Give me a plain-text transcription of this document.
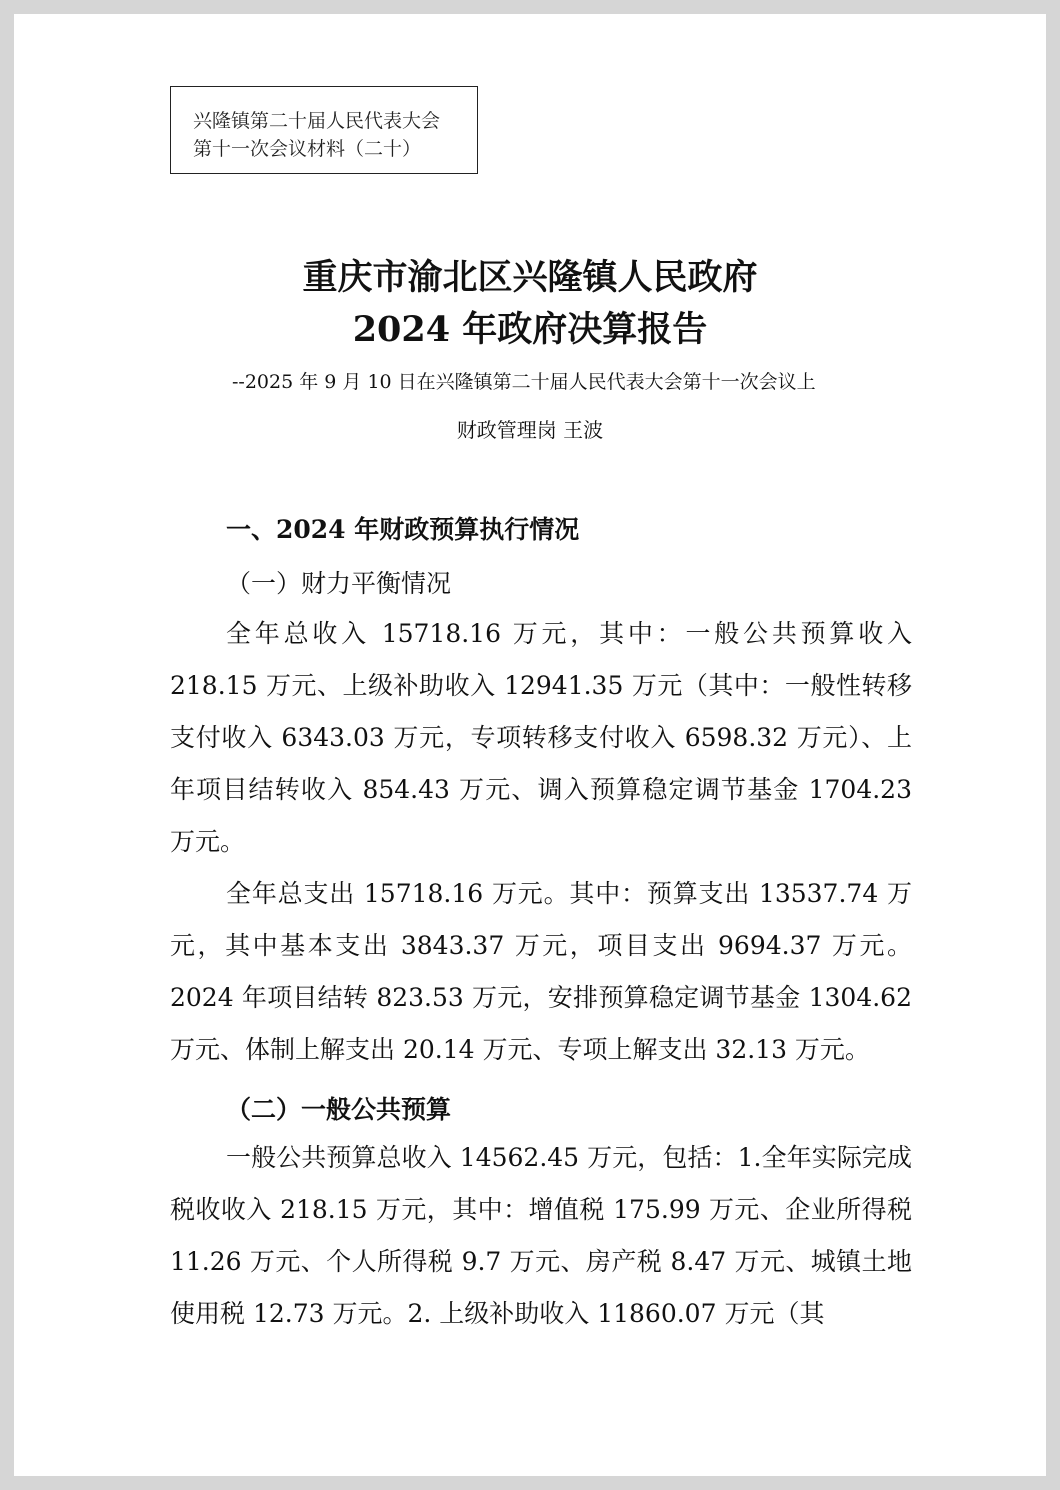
兴隆镇第二十届人民代表大会
第十一次会议材料（二十）
重庆市渝北区兴隆镇人民政府
2024 年政府决算报告
--2025 年 9 月 10 日在兴隆镇第二十届人民代表大会第十一次会议上
财政管理岗 王波
一、2024 年财政预算执行情况
（一）财力平衡情况

全年总收入 15718.16 万元，其中：一般公共预算收入 218.15 万元、上级补助收入 12941.35 万元（其中：一般性转移支付收入 6343.03 万元，专项转移支付收入 6598.32 万元）、上年项目结转收入 854.43 万元、调入预算稳定调节基金 1704.23 万元。

全年总支出 15718.16 万元。其中：预算支出 13537.74 万元，其中基本支出 3843.37 万元，项目支出 9694.37 万元。2024 年项目结转 823.53 万元，安排预算稳定调节基金 1304.62 万元、体制上解支出 20.14 万元、专项上解支出 32.13 万元。

（二）一般公共预算

一般公共预算总收入 14562.45 万元，包括：1.全年实际完成税收收入 218.15 万元，其中：增值税 175.99 万元、企业所得税 11.26 万元、个人所得税 9.7 万元、房产税 8.47 万元、城镇土地使用税 12.73 万元。2. 上级补助收入 11860.07 万元（其
